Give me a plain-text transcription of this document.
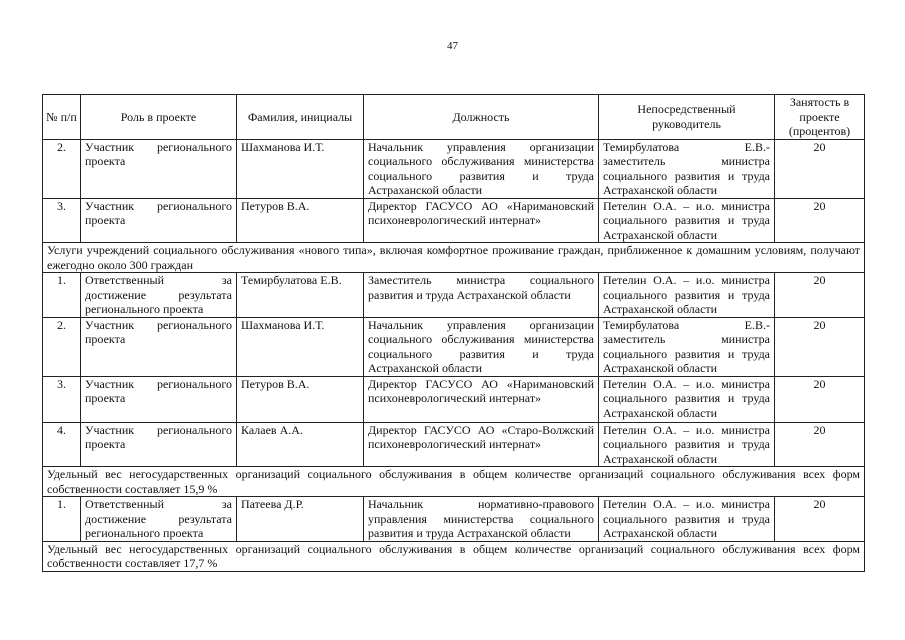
47
№ п/п	Роль в проекте	Фамилия, инициалы	Должность	Непосредственный руководитель	Занятость в проекте (процентов)
2.	Участник регионального проекта	Шахманова И.Т.	Начальник управления организации социального обслуживания министерства социального развития и труда Астраханской области	Темирбулатова Е.В.- заместитель министра социального развития и труда Астраханской области	20
3.	Участник регионального проекта	Петуров В.А.	Директор ГАСУСО АО «Наримановский психоневрологический интернат»	Петелин О.А. – и.о. министра социального развития и труда Астраханской области	20
Услуги учреждений социального обслуживания «нового типа», включая комфортное проживание граждан, приближенное к домашним условиям, получают ежегодно около 300 граждан					
1.	Ответственный за достижение результата регионального проекта	Темирбулатова Е.В.	Заместитель министра социального развития и труда Астраханской области	Петелин О.А. – и.о. министра социального развития и труда Астраханской области	20
2.	Участник регионального проекта	Шахманова И.Т.	Начальник управления организации социального обслуживания министерства социального развития и труда Астраханской области	Темирбулатова Е.В.- заместитель министра социального развития и труда Астраханской области	20
3.	Участник регионального проекта	Петуров В.А.	Директор ГАСУСО АО «Наримановский психоневрологический интернат»	Петелин О.А. – и.о. министра социального развития и труда Астраханской области	20
4.	Участник регионального проекта	Калаев А.А.	Директор ГАСУСО АО «Старо-Волжский психоневрологический интернат»	Петелин О.А. – и.о. министра социального развития и труда Астраханской области	20
Удельный вес негосударственных организаций социального обслуживания в общем количестве организаций социального обслуживания всех форм собственности составляет 15,9 %					
1.	Ответственный за достижение результата регионального проекта	Патеева Д.Р.	Начальник нормативно-правового управления министерства социального развития и труда Астраханской области	Петелин О.А. – и.о. министра социального развития и труда Астраханской области	20
Удельный вес негосударственных организаций социального обслуживания в общем количестве организаций социального обслуживания всех форм собственности составляет 17,7 %					
